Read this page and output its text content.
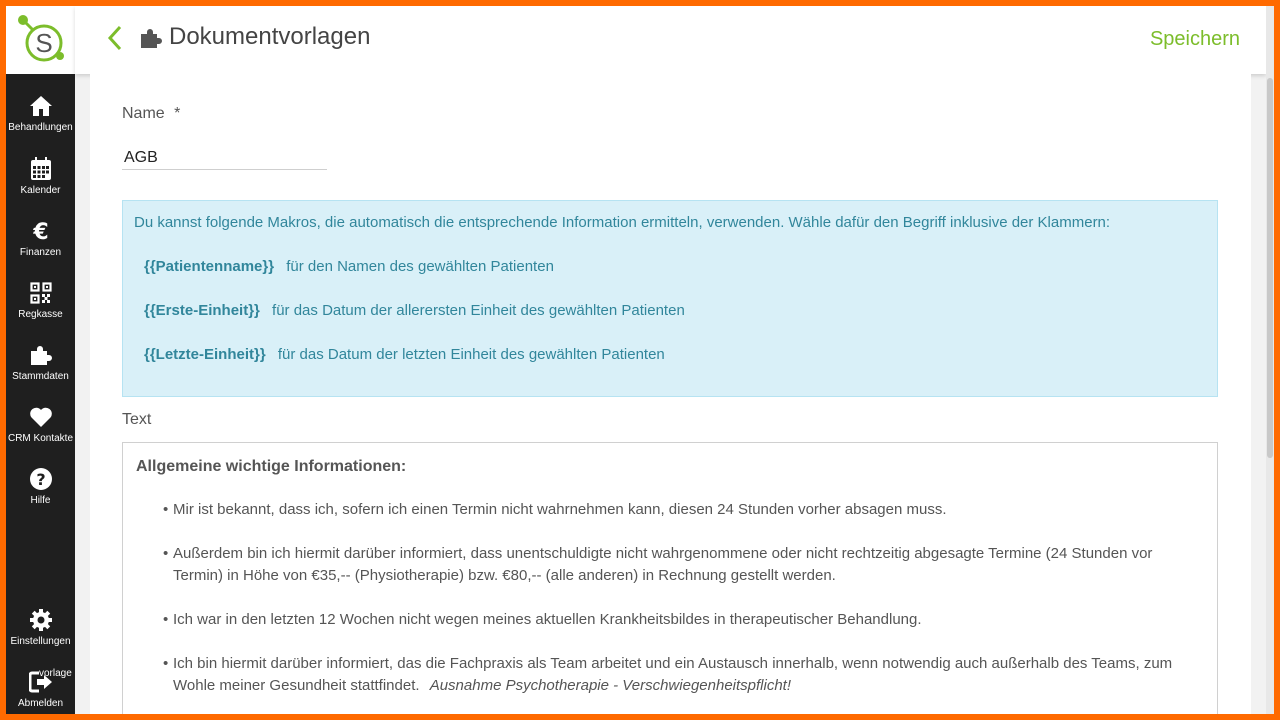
S
Behandlungen
Kalender
€
Finanzen
Regkasse
Stammdaten
CRM Kontakte
?
Hilfe
Einstellungen
Abmelden
vorlage
Dokumentvorlagen	Speichern
Name *
AGB
Du kannst folgende Makros, die automatisch die entsprechende Information ermitteln, verwenden. Wähle dafür den Begriff inklusive der Klammern:
{{Patientenname}} für den Namen des gewählten Patienten
{{Erste-Einheit}} für das Datum der allerersten Einheit des gewählten Patienten
{{Letzte-Einheit}} für das Datum der letzten Einheit des gewählten Patienten
Text
Allgemeine wichtige Informationen:
• Mir ist bekannt, dass ich, sofern ich einen Termin nicht wahrnehmen kann, diesen 24 Stunden vorher absagen muss.
• Außerdem bin ich hiermit darüber informiert, dass unentschuldigte nicht wahrgenommene oder nicht rechtzeitig abgesagte Termine (24 Stunden vor Termin) in Höhe von €35,-- (Physiotherapie) bzw. €80,-- (alle anderen) in Rechnung gestellt werden.
• Ich war in den letzten 12 Wochen nicht wegen meines aktuellen Krankheitsbildes in therapeutischer Behandlung.
• Ich bin hiermit darüber informiert, das die Fachpraxis als Team arbeitet und ein Austausch innerhalb, wenn notwendig auch außerhalb des Teams, zum Wohle meiner Gesundheit stattfindet. Ausnahme Psychotherapie - Verschwiegenheitspflicht!
